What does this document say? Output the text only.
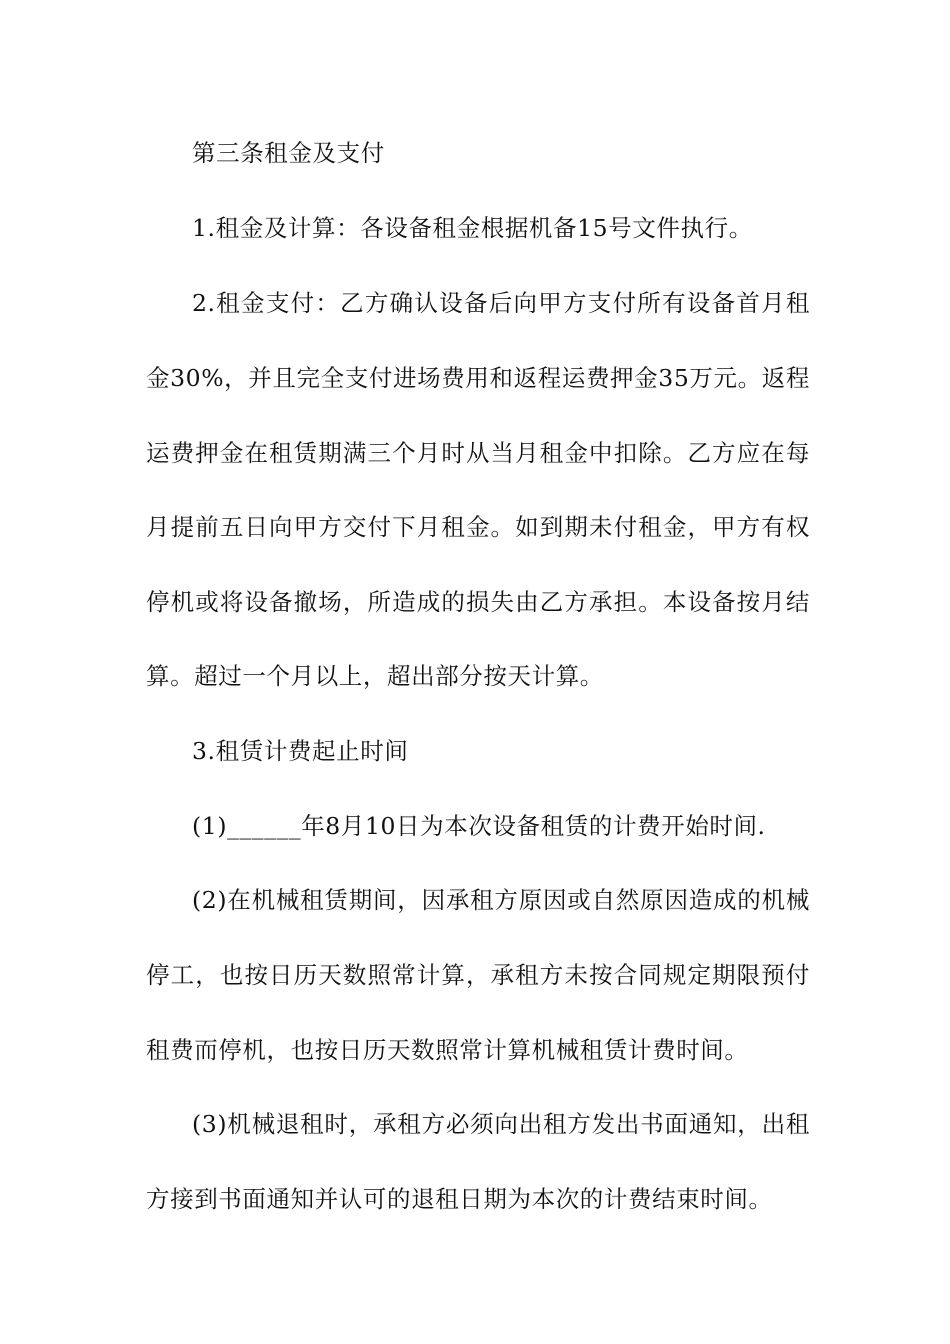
第三条租金及支付
1.租金及计算：各设备租金根据机备15号文件执行。
2.租金支付：乙方确认设备后向甲方支付所有设备首月租
金30%，并且完全支付进场费用和返程运费押金35万元。返程
运费押金在租赁期满三个月时从当月租金中扣除。乙方应在每
月提前五日向甲方交付下月租金。如到期未付租金，甲方有权
停机或将设备撤场，所造成的损失由乙方承担。本设备按月结
算。超过一个月以上，超出部分按天计算。
3.租赁计费起止时间
(1)______年8月10日为本次设备租赁的计费开始时间.
(2)在机械租赁期间，因承租方原因或自然原因造成的机械
停工，也按日历天数照常计算，承租方未按合同规定期限预付
租费而停机，也按日历天数照常计算机械租赁计费时间。
(3)机械退租时，承租方必须向出租方发出书面通知，出租
方接到书面通知并认可的退租日期为本次的计费结束时间。
